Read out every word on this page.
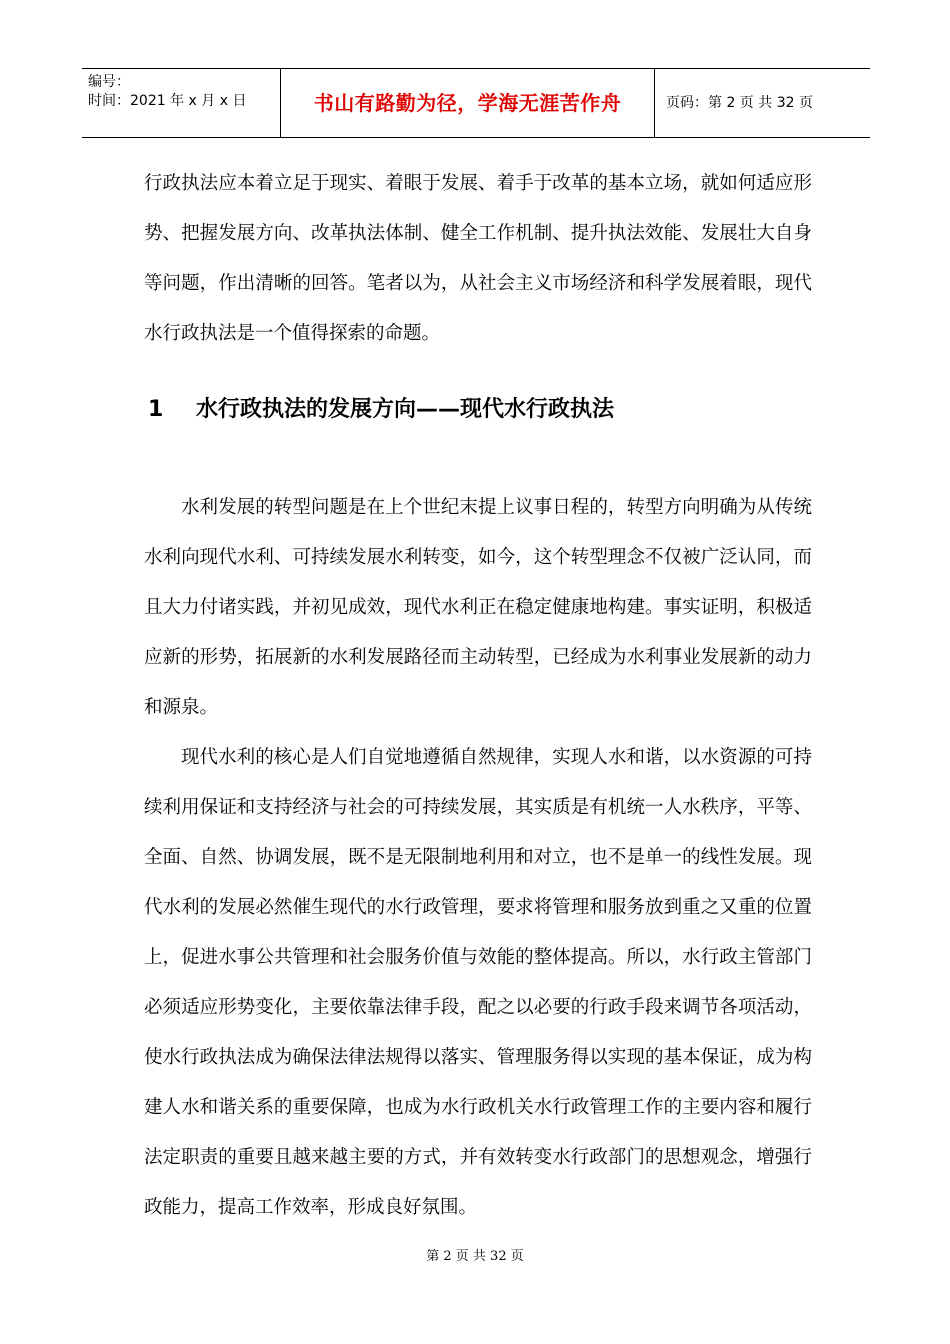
编号：
时间：2021 年 x 月 x 日	书山有路勤为径，学海无涯苦作舟	页码：第 2 页 共 32 页

行政执法应本着立足于现实、着眼于发展、着手于改革的基本立场，就如何适应形势、把握发展方向、改革执法体制、健全工作机制、提升执法效能、发展壮大自身等问题，作出清晰的回答。笔者以为，从社会主义市场经济和科学发展着眼，现代水行政执法是一个值得探索的命题。

1 水行政执法的发展方向——现代水行政执法

水利发展的转型问题是在上个世纪末提上议事日程的，转型方向明确为从传统水利向现代水利、可持续发展水利转变，如今，这个转型理念不仅被广泛认同，而且大力付诸实践，并初见成效，现代水利正在稳定健康地构建。事实证明，积极适应新的形势，拓展新的水利发展路径而主动转型，已经成为水利事业发展新的动力和源泉。

现代水利的核心是人们自觉地遵循自然规律，实现人水和谐，以水资源的可持续利用保证和支持经济与社会的可持续发展，其实质是有机统一人水秩序，平等、全面、自然、协调发展，既不是无限制地利用和对立，也不是单一的线性发展。现代水利的发展必然催生现代的水行政管理，要求将管理和服务放到重之又重的位置上，促进水事公共管理和社会服务价值与效能的整体提高。所以，水行政主管部门必须适应形势变化，主要依靠法律手段，配之以必要的行政手段来调节各项活动，使水行政执法成为确保法律法规得以落实、管理服务得以实现的基本保证，成为构建人水和谐关系的重要保障，也成为水行政机关水行政管理工作的主要内容和履行法定职责的重要且越来越主要的方式，并有效转变水行政部门的思想观念，增强行政能力，提高工作效率，形成良好氛围。

第 2 页 共 32 页
